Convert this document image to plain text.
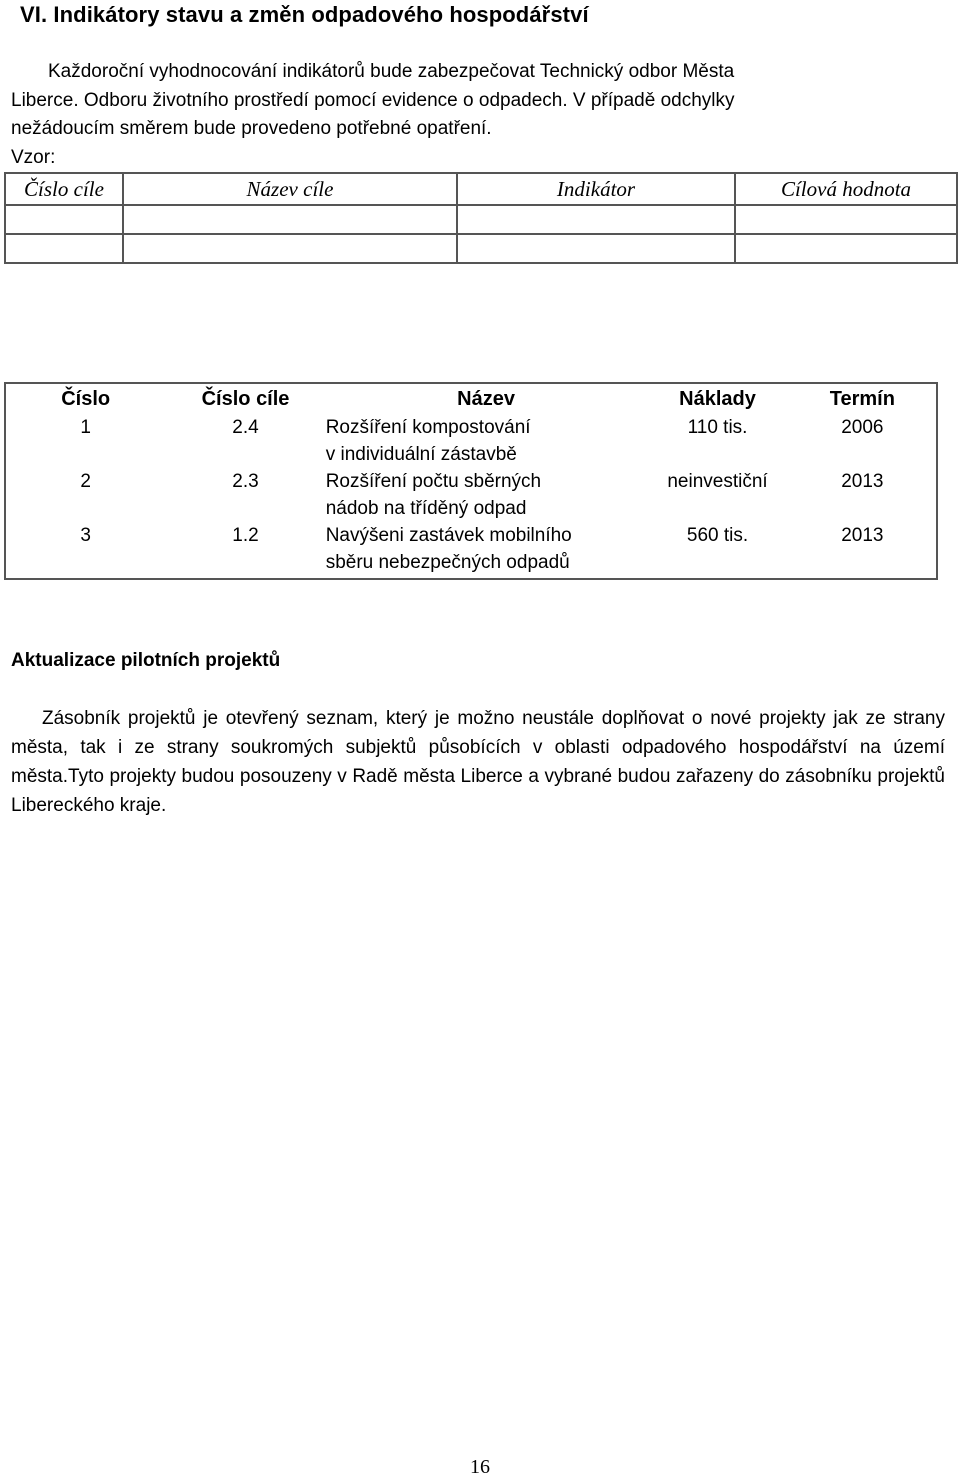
VI. Indikátory stavu a změn odpadového hospodářství
Každoroční vyhodnocování indikátorů bude zabezpečovat Technický odbor Města
Liberce. Odboru životního prostředí pomocí evidence o odpadech. V případě odchylky
nežádoucím směrem bude provedeno potřebné opatření.
Vzor:
Číslo cíle	Název cíle	Indikátor	Cílová hodnota

Číslo	Číslo cíle	Název	Náklady	Termín
1	2.4	Rozšíření kompostování
v individuální zástavbě	110 tis.	2006
2	2.3	Rozšíření počtu sběrných
nádob na tříděný odpad	neinvestiční	2013
3	1.2	Navýšeni zastávek mobilního
sběru nebezpečných odpadů	560 tis.	2013
Aktualizace pilotních projektů

Zásobník projektů je otevřený seznam, který je možno neustále doplňovat o nové projekty jak ze strany města, tak i ze strany soukromých subjektů působících v oblasti odpadového hospodářství na území města.Tyto projekty budou posouzeny v Radě města Liberce a vybrané budou zařazeny do zásobníku projektů Libereckého kraje.

16
